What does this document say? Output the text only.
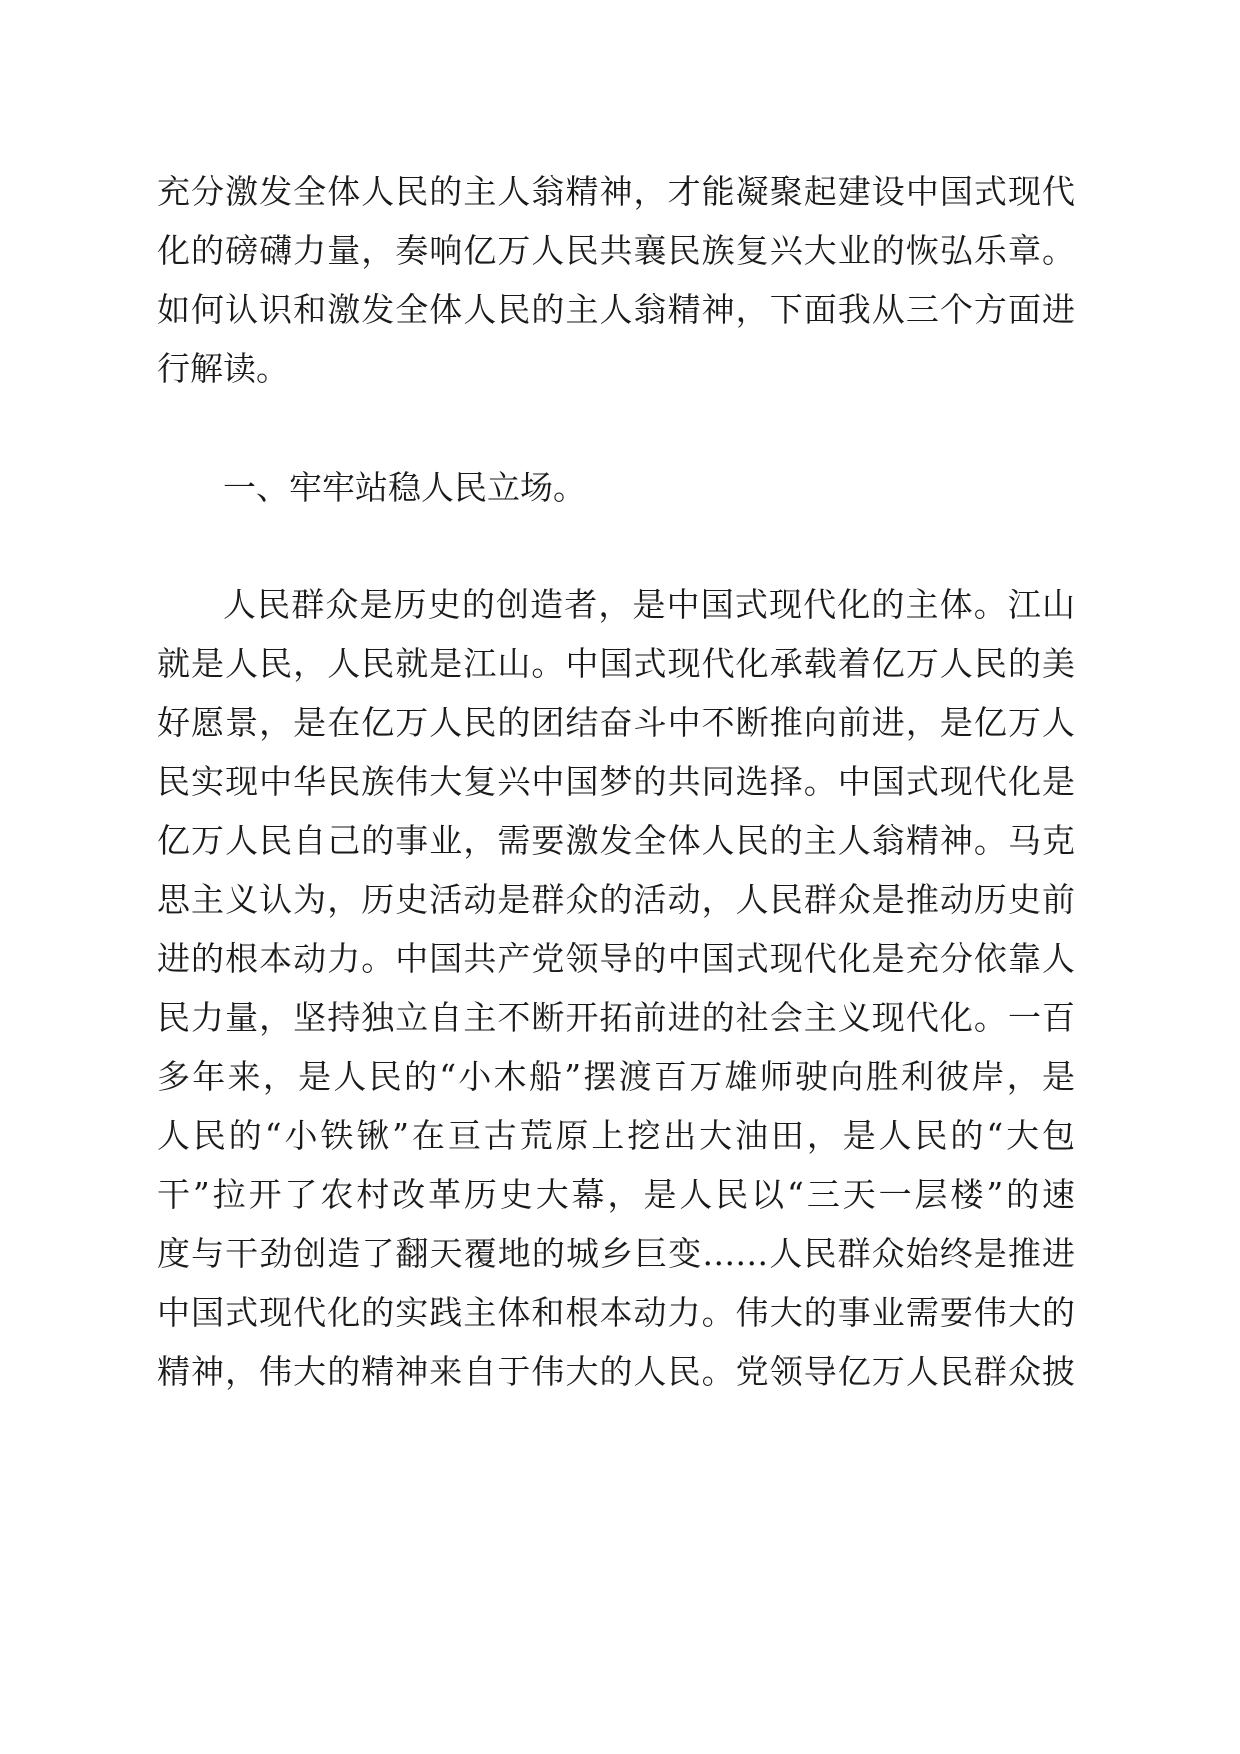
充分激发全体人民的主人翁精神，才能凝聚起建设中国式现代
化的磅礴力量，奏响亿万人民共襄民族复兴大业的恢弘乐章。
如何认识和激发全体人民的主人翁精神，下面我从三个方面进
行解读。
一、牢牢站稳人民立场。
人民群众是历史的创造者，是中国式现代化的主体。江山
就是人民，人民就是江山。中国式现代化承载着亿万人民的美
好愿景，是在亿万人民的团结奋斗中不断推向前进，是亿万人
民实现中华民族伟大复兴中国梦的共同选择。中国式现代化是
亿万人民自己的事业，需要激发全体人民的主人翁精神。马克
思主义认为，历史活动是群众的活动，人民群众是推动历史前
进的根本动力。中国共产党领导的中国式现代化是充分依靠人
民力量，坚持独立自主不断开拓前进的社会主义现代化。一百
多年来，是人民的“小木船”摆渡百万雄师驶向胜利彼岸，是
人民的“小铁锹”在亘古荒原上挖出大油田，是人民的“大包
干”拉开了农村改革历史大幕，是人民以“三天一层楼”的速
度与干劲创造了翻天覆地的城乡巨变……人民群众始终是推进
中国式现代化的实践主体和根本动力。伟大的事业需要伟大的
精神，伟大的精神来自于伟大的人民。党领导亿万人民群众披
